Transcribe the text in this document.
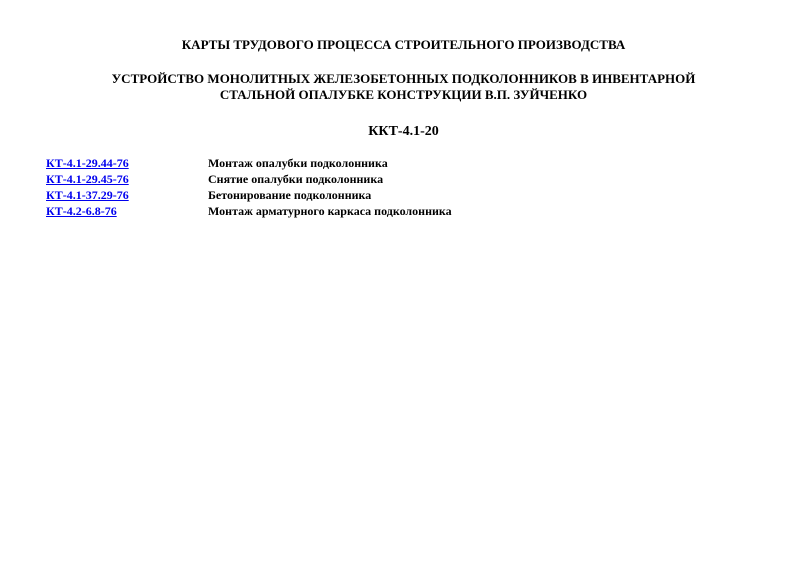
КАРТЫ ТРУДОВОГО ПРОЦЕССА СТРОИТЕЛЬНОГО ПРОИЗВОДСТВА
УСТРОЙСТВО МОНОЛИТНЫХ ЖЕЛЕЗОБЕТОННЫХ ПОДКОЛОННИКОВ В ИНВЕНТАРНОЙ
СТАЛЬНОЙ ОПАЛУБКЕ КОНСТРУКЦИИ В.П. ЗУЙЧЕНКО
ККТ-4.1-20
КТ-4.1-29.44-76	Монтаж опалубки подколонника
КТ-4.1-29.45-76	Снятие опалубки подколонника
КТ-4.1-37.29-76	Бетонирование подколонника
КТ-4.2-6.8-76	Монтаж арматурного каркаса подколонника
